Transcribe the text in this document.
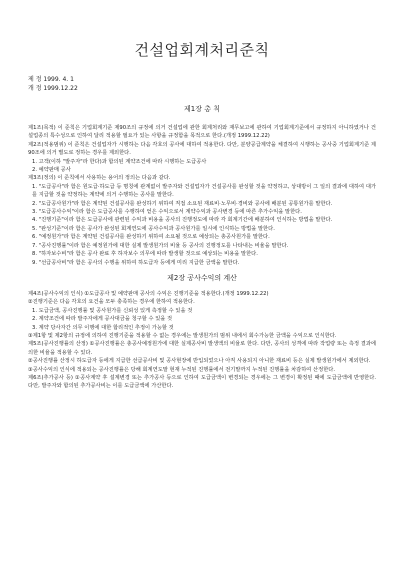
건설업회계처리준칙
제 정 1999. 4. 1
개 정 1999.12.22
제1장 총 칙

제1조(목적) 이 준칙은 기업회계기준 제90조의 규정에 의거 건설업에 관한 회계처리와 재무보고에 관하여 기업회계기준에서 규정하지 아니하였거나 건설업종의 특수성으로 인하여 달리 적용할 필요가 있는 사항을 규정함을 목적으로 한다.(개정 1999.12.22)

제2조(적용범위) 이 준칙은 건설업자가 시행하는 다음 각호의 공사에 대하여 적용한다. 다만, 분양공급계약을 체결하여 시행하는 공사중 기업회계기준 제90조에 의거 별도로 정하는 경우를 제외한다.

1. 고객(이하 "발주자"라 한다)과 합의된 계약조건에 따라 시행하는 도급공사

2. 예약판매 공사

제3조(정의) 이 준칙에서 사용하는 용어의 정의는 다음과 같다.

1. "도급공사"라 함은 원도급·하도급 등 명칭에 관계없이 발주자와 건설업자가 건설공사를 완성할 것을 약정하고, 상대방이 그 일의 결과에 대하여 대가를 지급할 것을 약정하는 계약에 의거 수행하는 공사를 말한다.

2. "도급공사원가"라 함은 계약된 건설공사를 완성하기 위하여 직접 소요된 재료비·노무비·경비와 공사에 배분된 공통원가를 말한다.

3. "도급공사수익"이라 함은 도급공사를 수행하여 얻은 수익으로서 계약수익과 공사변경 등에 따른 추가수익을 말한다.

4. "진행기준"이라 함은 도급공사에 관련된 수익과 비용을 공사의 진행정도에 따라 각 회계기간에 배분하여 인식하는 방법을 말한다.

5. "완성기준"이라 함은 공사가 완성된 회계연도에 공사수익과 공사원가를 일시에 인식하는 방법을 말한다.

6. "예정원가"라 함은 계약된 건설공사를 완성하기 위하여 소요될 것으로 예상되는 총공사원가를 말한다.

7. "공사진행률"이라 함은 예정원가에 대한 실제 발생원가의 비율 등 공사의 진행정도를 나타내는 비율을 말한다.

8. "하자보수비"라 함은 공사 완료 후 하자보수 의무에 따라 발생할 것으로 예상되는 비용을 말한다.

9. "선급공사비"라 함은 공사의 수행을 위하여 하도급자 등에게 미리 지급한 금액을 말한다.

제2장 공사수익의 계산

제4조(공사수익의 인식) ①도급공사 및 예약판매 공사의 수익은 진행기준을 적용한다.(개정 1999.12.22)

②진행기준은 다음 각호의 요건을 모두 충족하는 경우에 한하여 적용한다.

1. 도급금액, 공사진행률 및 공사원가를 신뢰성 있게 측정할 수 있을 것

2. 계약조건에 따라 발주자에게 공사대금을 청구할 수 있을 것

3. 계약 당사자간 의무 이행에 대한 합리적인 추정이 가능할 것

③제1항 및 제2항의 규정에 의하여 진행기준을 적용할 수 없는 경우에는 발생원가의 범위 내에서 회수가능한 금액을 수익으로 인식한다.

제5조(공사진행률의 산정) ①공사진행률은 총공사예정원가에 대한 실제공사비 발생액의 비율로 한다. 다만, 공사의 성격에 따라 작업량 또는 측정 결과에 의한 비율을 적용할 수 있다.

②공사진행률 산정시 하도급자 등에게 지급한 선급공사비 및 공사현장에 반입되었으나 아직 사용되지 아니한 재료비 등은 실제 발생원가에서 제외한다.

③공사수익의 인식에 적용되는 공사진행률은 당해 회계연도말 현재 누적된 진행률에서 전기말까지 누적된 진행률을 차감하여 산정한다.

제6조(추가공사 등) ①공사계약 후 설계변경 또는 추가공사 등으로 인하여 도급금액이 변경되는 경우에는 그 변경이 확정된 때에 도급금액에 반영한다. 다만, 발주자와 합의된 추가공사비는 이를 도급금액에 가산한다.
